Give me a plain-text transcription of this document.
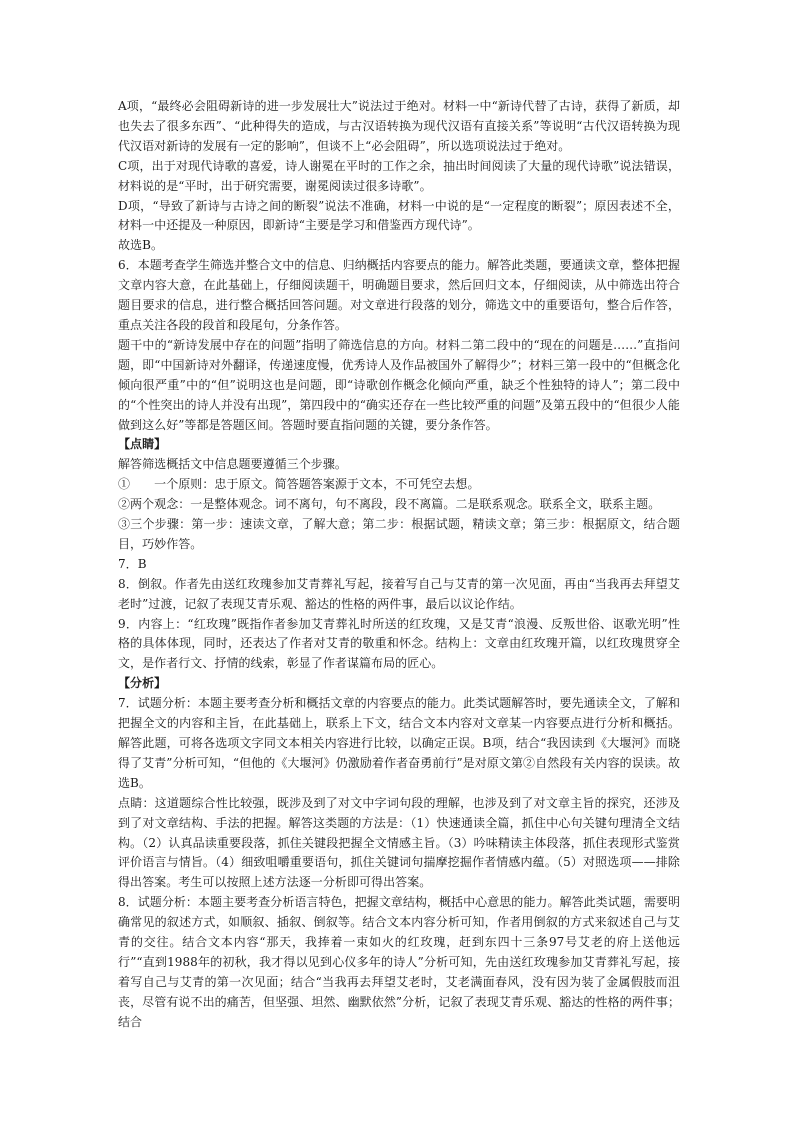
A项，“最终必会阻碍新诗的进一步发展壮大”说法过于绝对。材料一中“新诗代替了古诗，获得了新质，却也失去了很多东西”、“此种得失的造成，与古汉语转换为现代汉语有直接关系”等说明“古代汉语转换为现代汉语对新诗的发展有一定的影响”，但谈不上“必会阻碍”，所以选项说法过于绝对。

C项，出于对现代诗歌的喜爱，诗人谢冕在平时的工作之余，抽出时间阅读了大量的现代诗歌”说法错误，材料说的是“平时，出于研究需要，谢冕阅读过很多诗歌”。

D项，“导致了新诗与古诗之间的断裂”说法不准确，材料一中说的是“一定程度的断裂”；原因表述不全，材料一中还提及一种原因，即新诗“主要是学习和借鉴西方现代诗”。

故选B。

6．本题考查学生筛选并整合文中的信息、归纳概括内容要点的能力。解答此类题，要通读文章，整体把握文章内容大意，在此基础上，仔细阅读题干，明确题目要求，然后回归文本，仔细阅读，从中筛选出符合题目要求的信息，进行整合概括回答问题。对文章进行段落的划分，筛选文中的重要语句，整合后作答，重点关注各段的段首和段尾句，分条作答。

题干中的“新诗发展中存在的问题”指明了筛选信息的方向。材料二第二段中的“现在的问题是……”直指问题，即“中国新诗对外翻译，传递速度慢，优秀诗人及作品被国外了解得少”；材料三第一段中的“但概念化倾向很严重”中的“但”说明这也是问题，即“诗歌创作概念化倾向严重，缺乏个性独特的诗人”；第二段中的“个性突出的诗人并没有出现”，第四段中的“确实还存在一些比较严重的问题”及第五段中的“但很少人能做到这么好”等都是答题区间。答题时要直指问题的关键，要分条作答。

【点睛】

解答筛选概括文中信息题要遵循三个步骤。

①　　一个原则：忠于原文。简答题答案源于文本，不可凭空去想。

②两个观念：一是整体观念。词不离句，句不离段，段不离篇。二是联系观念。联系全文，联系主题。

③三个步骤：第一步：速读文章，了解大意；第二步：根据试题，精读文章；第三步：根据原文，结合题目，巧妙作答。

7．B

8．倒叙。作者先由送红玫瑰参加艾青葬礼写起，接着写自己与艾青的第一次见面，再由“当我再去拜望艾老时”过渡，记叙了表现艾青乐观、豁达的性格的两件事，最后以议论作结。

9．内容上：“红玫瑰”既指作者参加艾青葬礼时所送的红玫瑰，又是艾青“浪漫、反叛世俗、讴歌光明”性格的具体体现，同时，还表达了作者对艾青的敬重和怀念。结构上：文章由红玫瑰开篇，以红玫瑰贯穿全文，是作者行文、抒情的线索，彰显了作者谋篇布局的匠心。

【分析】

7．试题分析：本题主要考查分析和概括文章的内容要点的能力。此类试题解答时，要先通读全文，了解和把握全文的内容和主旨，在此基础上，联系上下文，结合文本内容对文章某一内容要点进行分析和概括。解答此题，可将各选项文字同文本相关内容进行比较，以确定正误。B项，结合“我因读到《大堰河》而晓得了艾青”分析可知，“但他的《大堰河》仍激励着作者奋勇前行”是对原文第②自然段有关内容的误读。故选B。

点睛：这道题综合性比较强，既涉及到了对文中字词句段的理解，也涉及到了对文章主旨的探究，还涉及到了对文章结构、手法的把握。解答这类题的方法是：（1）快速通读全篇，抓住中心句关键句理清全文结构。（2）认真品读重要段落，抓住关键段把握全文情感主旨。（3）吟味精读主体段落，抓住表现形式鉴赏评价语言与情旨。（4）细致咀嚼重要语句，抓住关键词句揣摩挖掘作者情感内蕴。（5）对照选项——排除得出答案。考生可以按照上述方法逐一分析即可得出答案。

8．试题分析：本题主要考查分析语言特色，把握文章结构，概括中心意思的能力。解答此类试题，需要明确常见的叙述方式，如顺叙、插叙、倒叙等。结合文本内容分析可知，作者用倒叙的方式来叙述自己与艾青的交往。结合文本内容“那天，我捧着一束如火的红玫瑰，赶到东四十三条97号艾老的府上送他远行”“直到1988年的初秋，我才得以见到心仪多年的诗人”分析可知，先由送红玫瑰参加艾青葬礼写起，接着写自己与艾青的第一次见面；结合“当我再去拜望艾老时，艾老满面春风，没有因为装了金属假肢而沮丧，尽管有说不出的痛苦，但坚强、坦然、幽默依然”分析，记叙了表现艾青乐观、豁达的性格的两件事；结合
